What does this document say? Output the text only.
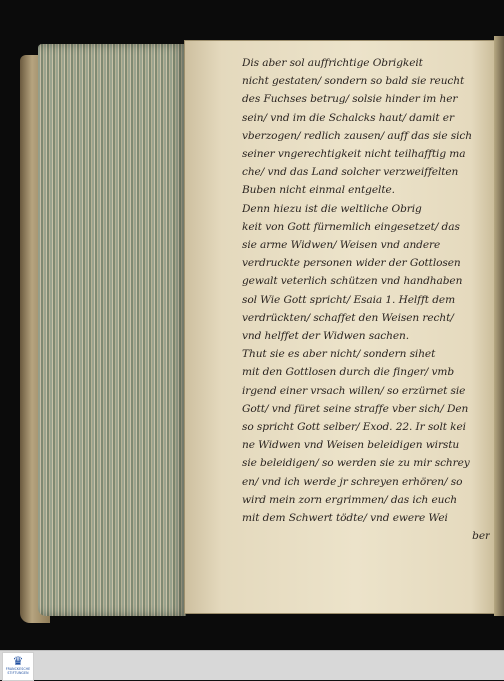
Dis aber sol auffrichtige Obrigkeit
nicht gestaten/ sondern so bald sie reucht
des Fuchses betrug/ solsie hinder im her
sein/ vnd im die Schalcks haut/ damit er
vberzogen/ redlich zausen/ auff das sie sich
seiner vngerechtigkeit nicht teilhafftig ma
che/ vnd das Land solcher verzweiffelten
Buben nicht einmal entgelte.
Denn hiezu ist die weltliche Obrig
keit von Gott fürnemlich eingesetzet/ das
sie arme Widwen/ Weisen vnd andere
verdruckte personen wider der Gottlosen
gewalt veterlich schützen vnd handhaben
sol Wie Gott spricht/ Esaia 1. Helfft dem
verdrückten/ schaffet den Weisen recht/
vnd helffet der Widwen sachen.
Thut sie es aber nicht/ sondern sihet
mit den Gottlosen durch die finger/ vmb
irgend einer vrsach willen/ so erzürnet sie
Gott/ vnd füret seine straffe vber sich/ Den
so spricht Gott selber/ Exod. 22. Ir solt kei
ne Widwen vnd Weisen beleidigen wirstu
sie beleidigen/ so werden sie zu mir schrey
en/ vnd ich werde jr schreyen erhören/ so
wird mein zorn ergrimmen/ das ich euch
mit dem Schwert tödte/ vnd ewere Wei
ber
♛
FRANCKESCHE
STIFTUNGEN
